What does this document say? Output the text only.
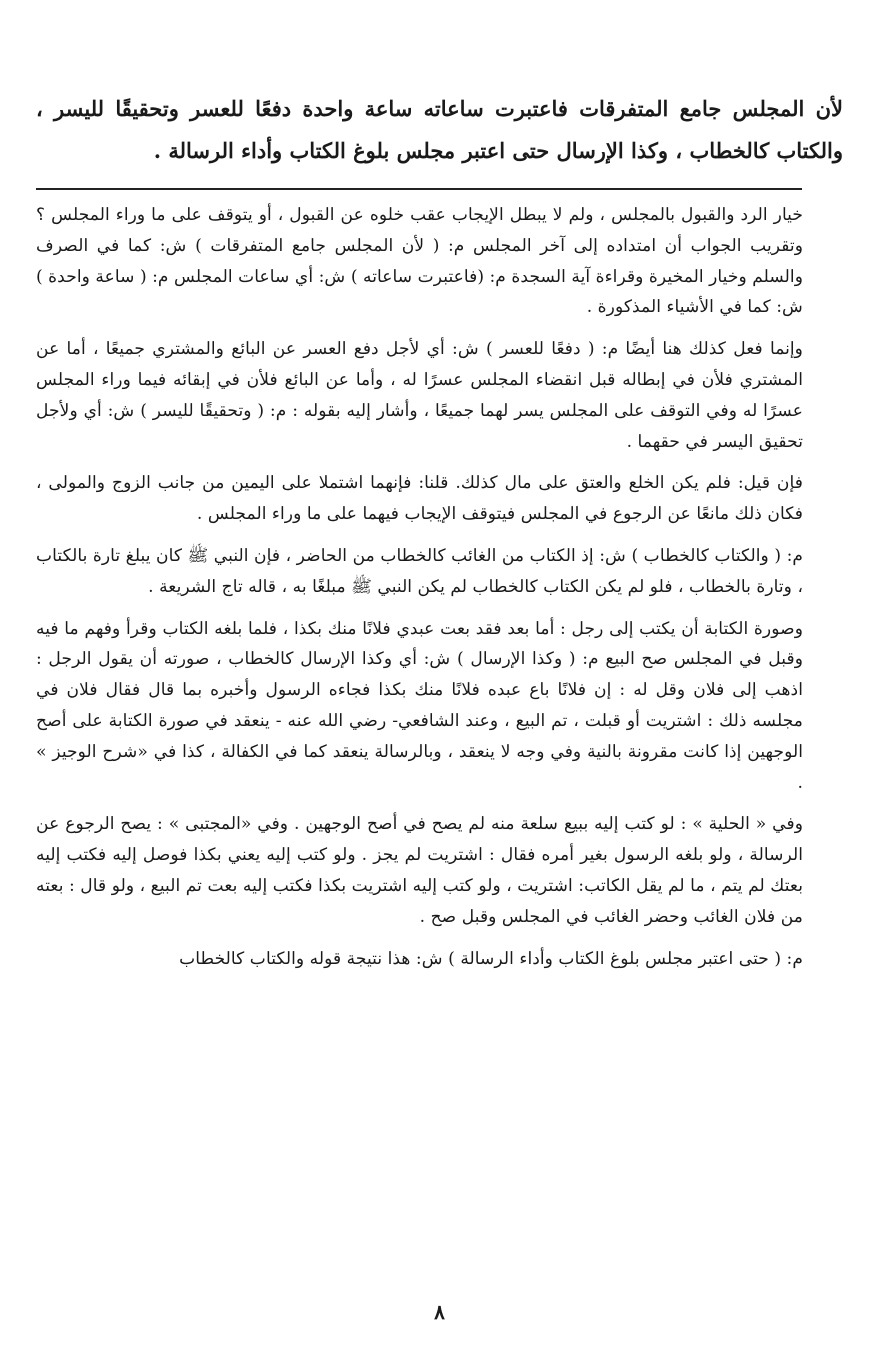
لأن المجلس جامع المتفرقات فاعتبرت ساعاته ساعة واحدة دفعًا للعسر وتحقيقًا لليسر ، والكتاب كالخطاب ، وكذا الإرسال حتى اعتبر مجلس بلوغ الكتاب وأداء الرسالة .

خيار الرد والقبول بالمجلس ، ولم لا يبطل الإيجاب عقب خلوه عن القبول ، أو يتوقف على ما وراء المجلس ؟ وتقريب الجواب أن امتداده إلى آخر المجلس م: ( لأن المجلس جامع المتفرقات ) ش: كما في الصرف والسلم وخيار المخيرة وقراءة آية السجدة م: (فاعتبرت ساعاته ) ش: أي ساعات المجلس م: ( ساعة واحدة ) ش: كما في الأشياء المذكورة .

وإنما فعل كذلك هنا أيضًا م: ( دفعًا للعسر ) ش: أي لأجل دفع العسر عن البائع والمشتري جميعًا ، أما عن المشتري فلأن في إبطاله قبل انقضاء المجلس عسرًا له ، وأما عن البائع فلأن في إبقائه فيما وراء المجلس عسرًا له وفي التوقف على المجلس يسر لهما جميعًا ، وأشار إليه بقوله : م: ( وتحقيقًا لليسر ) ش: أي ولأجل تحقيق اليسر في حقهما .

فإن قيل: فلم يكن الخلع والعتق على مال كذلك. قلنا: فإنهما اشتملا على اليمين من جانب الزوج والمولى ، فكان ذلك مانعًا عن الرجوع في المجلس فيتوقف الإيجاب فيهما على ما وراء المجلس .

م: ( والكتاب كالخطاب ) ش: إذ الكتاب من الغائب كالخطاب من الحاضر ، فإن النبي ﷺ كان يبلغ تارة بالكتاب ، وتارة بالخطاب ، فلو لم يكن الكتاب كالخطاب لم يكن النبي ﷺ مبلغًا به ، قاله تاج الشريعة .

وصورة الكتابة أن يكتب إلى رجل : أما بعد فقد بعت عبدي فلانًا منك بكذا ، فلما بلغه الكتاب وقرأ وفهم ما فيه وقبل في المجلس صح البيع م: ( وكذا الإرسال ) ش: أي وكذا الإرسال كالخطاب ، صورته أن يقول الرجل : اذهب إلى فلان وقل له : إن فلانًا باع عبده فلانًا منك بكذا فجاءه الرسول وأخبره بما قال فقال فلان في مجلسه ذلك : اشتريت أو قبلت ، تم البيع ، وعند الشافعي- رضي الله عنه - ينعقد في صورة الكتابة على أصح الوجهين إذا كانت مقرونة بالنية وفي وجه لا ينعقد ، وبالرسالة ينعقد كما في الكفالة ، كذا في «شرح الوجيز » .

وفي « الحلية » : لو كتب إليه ببيع سلعة منه لم يصح في أصح الوجهين . وفي «المجتبى » : يصح الرجوع عن الرسالة ، ولو بلغه الرسول بغير أمره فقال : اشتريت لم يجز . ولو كتب إليه يعني بكذا فوصل إليه فكتب إليه بعتك لم يتم ، ما لم يقل الكاتب: اشتريت ، ولو كتب إليه اشتريت بكذا فكتب إليه بعت تم البيع ، ولو قال : بعته من فلان الغائب وحضر الغائب في المجلس وقبل صح .

م: ( حتى اعتبر مجلس بلوغ الكتاب وأداء الرسالة ) ش: هذا نتيجة قوله والكتاب كالخطاب

٨
